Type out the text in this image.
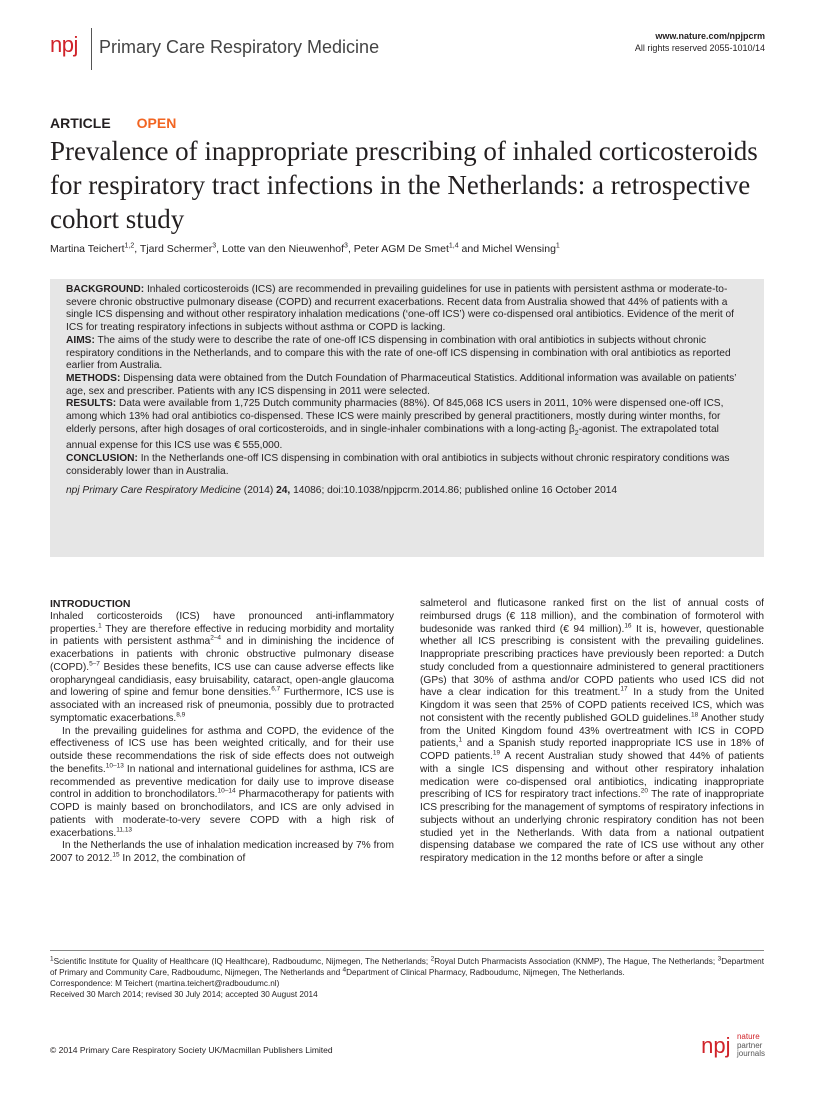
npj Primary Care Respiratory Medicine
www.nature.com/npjpcrm
All rights reserved 2055-1010/14
ARTICLE OPEN
Prevalence of inappropriate prescribing of inhaled corticosteroids for respiratory tract infections in the Netherlands: a retrospective cohort study
Martina Teichert$^{1,2}$, Tjard Schermer$^3$, Lotte van den Nieuwenhof$^3$, Peter AGM De Smet$^{1,4}$ and Michel Wensing$^1$

BACKGROUND: Inhaled corticosteroids (ICS) are recommended in prevailing guidelines for use in patients with persistent asthma or moderate-to-severe chronic obstructive pulmonary disease (COPD) and recurrent exacerbations. Recent data from Australia showed that 44% of patients with a single ICS dispensing and without other respiratory inhalation medications (‘one-off ICS’) were co-dispensed oral antibiotics. Evidence of the merit of ICS for treating respiratory infections in subjects without asthma or COPD is lacking.

AIMS: The aims of the study were to describe the rate of one-off ICS dispensing in combination with oral antibiotics in subjects without chronic respiratory conditions in the Netherlands, and to compare this with the rate of one-off ICS dispensing in combination with oral antibiotics as reported earlier from Australia.

METHODS: Dispensing data were obtained from the Dutch Foundation of Pharmaceutical Statistics. Additional information was available on patients’ age, sex and prescriber. Patients with any ICS dispensing in 2011 were selected.

RESULTS: Data were available from 1,725 Dutch community pharmacies (88%). Of 845,068 ICS users in 2011, 10% were dispensed one-off ICS, among which 13% had oral antibiotics co-dispensed. These ICS were mainly prescribed by general practitioners, mostly during winter months, for elderly persons, after high dosages of oral corticosteroids, and in single-inhaler combinations with a long-acting $\beta_2$-agonist. The extrapolated total annual expense for this ICS use was € 555,000.

CONCLUSION: In the Netherlands one-off ICS dispensing in combination with oral antibiotics in subjects without chronic respiratory conditions was considerably lower than in Australia.

npj Primary Care Respiratory Medicine (2014) 24, 14086; doi:10.1038/npjpcrm.2014.86; published online 16 October 2014

INTRODUCTION

Inhaled corticosteroids (ICS) have pronounced anti-inflammatory properties.$^1$ They are therefore effective in reducing morbidity and mortality in patients with persistent asthma$^{2-4}$ and in diminishing the incidence of exacerbations in patients with chronic obstructive pulmonary disease (COPD).$^{5-7}$ Besides these benefits, ICS use can cause adverse effects like oropharyngeal candidiasis, easy bruisability, cataract, open-angle glaucoma and lowering of spine and femur bone densities.$^{6,7}$ Furthermore, ICS use is associated with an increased risk of pneumonia, possibly due to protracted symptomatic exacerbations.$^{8,9}$

In the prevailing guidelines for asthma and COPD, the evidence of the effectiveness of ICS use has been weighted critically, and for their use outside these recommendations the risk of side effects does not outweigh the benefits.$^{10-13}$ In national and international guidelines for asthma, ICS are recommended as preventive medication for daily use to improve disease control in addition to bronchodilators.$^{10-14}$ Pharmacotherapy for patients with COPD is mainly based on bronchodilators, and ICS are only advised in patients with moderate-to-very severe COPD with a high risk of exacerbations.$^{11,13}$

In the Netherlands the use of inhalation medication increased by 7% from 2007 to 2012.15 In 2012, the combination of

salmeterol and fluticasone ranked first on the list of annual costs of reimbursed drugs (€ 118 million), and the combination of formoterol with budesonide was ranked third (€ 94 million).$^{16}$ It is, however, questionable whether all ICS prescribing is consistent with the prevailing guidelines. Inappropriate prescribing practices have previously been reported: a Dutch study concluded from a questionnaire administered to general practitioners (GPs) that 30% of asthma and/or COPD patients who used ICS did not have a clear indication for this treatment.$^{17}$ In a study from the United Kingdom it was seen that 25% of COPD patients received ICS, which was not consistent with the recently published GOLD guidelines.$^{18}$ Another study from the United Kingdom found 43% overtreatment with ICS in COPD patients,$^1$ and a Spanish study reported inappropriate ICS use in 18% of COPD patients.$^{19}$ A recent Australian study showed that 44% of patients with a single ICS dispensing and without other respiratory inhalation medication were co-dispensed oral antibiotics, indicating inappropriate prescribing of ICS for respiratory tract infections.$^{20}$ The rate of inappropriate ICS prescribing for the management of symptoms of respiratory infections in subjects without an underlying chronic respiratory condition has not been studied yet in the Netherlands. With data from a national outpatient dispensing database we compared the rate of ICS use without any other respiratory medication in the 12 months before or after a single

$^1$Scientific Institute for Quality of Healthcare (IQ Healthcare), Radboudumc, Nijmegen, The Netherlands; $^2$Royal Dutch Pharmacists Association (KNMP), The Hague, The Netherlands; $^3$Department of Primary and Community Care, Radboudumc, Nijmegen, The Netherlands and $^4$Department of Clinical Pharmacy, Radboudumc, Nijmegen, The Netherlands.

Correspondence: M Teichert (martina.teichert@radboudumc.nl)

Received 30 March 2014; revised 30 July 2014; accepted 30 August 2014

© 2014 Primary Care Respiratory Society UK/Macmillan Publishers Limited	npj nature
partner
journals
